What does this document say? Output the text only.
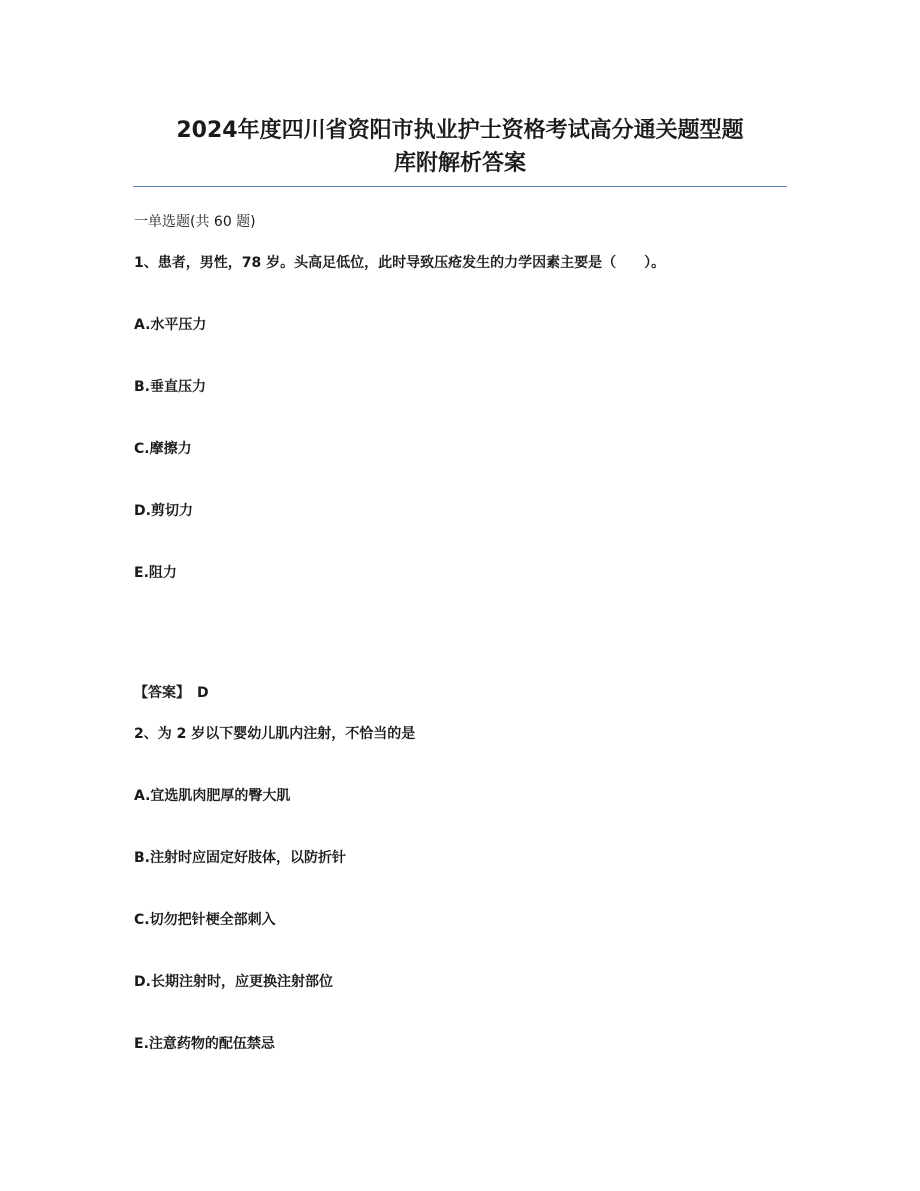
2024年度四川省资阳市执业护士资格考试高分通关题型题
库附解析答案
一单选题(共 60 题)
1、患者，男性，78 岁。头高足低位，此时导致压疮发生的力学因素主要是（　　）。
A.水平压力
B.垂直压力
C.摩擦力
D.剪切力
E.阻力
【答案】　D
2、为 2 岁以下婴幼儿肌内注射，不恰当的是
A.宜选肌肉肥厚的臀大肌
B.注射时应固定好肢体，以防折针
C.切勿把针梗全部刺入
D.长期注射时，应更换注射部位
E.注意药物的配伍禁忌
